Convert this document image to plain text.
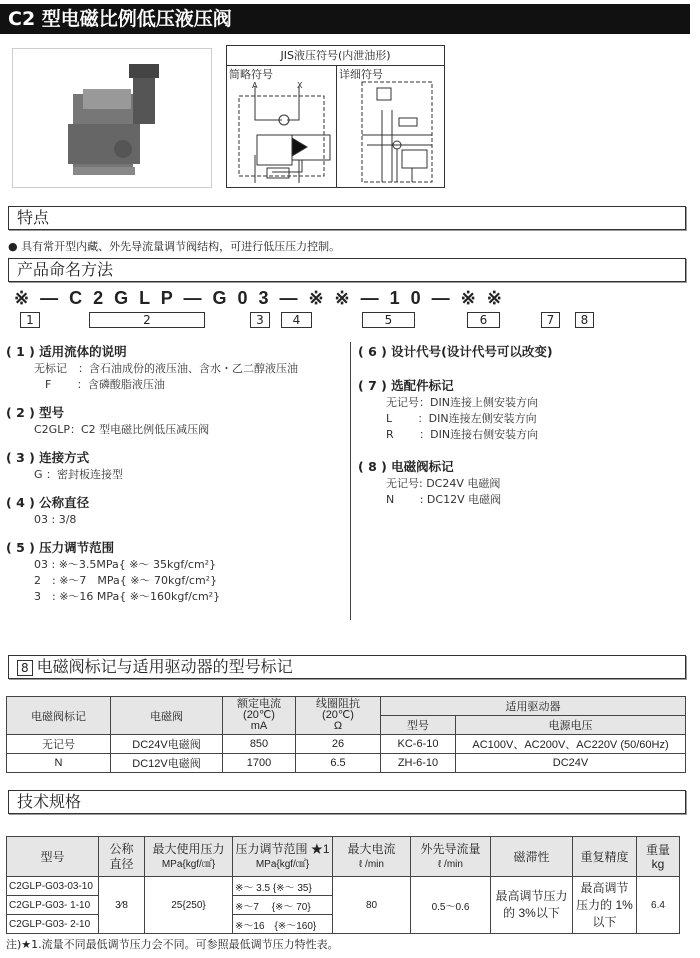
C2 型电磁比例低压液压阀
JIS液压符号(内泄油形)
简略符号
A	X
详细符号
特点
● 具有常开型内藏、外先导流量调节阀结构，可进行低压压力控制。
产品命名方法
※ — C 2 G L P — G 0 3 — ※ ※ — 1 0 — ※ ※
1	2	3	4	5	6	7	8
( 1 ) 适用流体的说明

无标记　：含石油成份的液压油、含水・乙二醇液压油

　F　　 ：含磷酸脂液压油

( 2 ) 型号

C2GLP：C2 型电磁比例低压减压阀

( 3 ) 连接方式

G ：密封板连接型

( 4 ) 公称直径

03 : 3/8

( 5 ) 压力调节范围

03 : ※～3.5MPa{ ※～ 35kgf/cm²}

2　: ※～7　MPa{ ※～ 70kgf/cm²}

3　: ※～16 MPa{ ※～160kgf/cm²}

( 6 ) 设计代号(设计代号可以改变)
( 7 ) 选配件标记

无记号：DIN连接上侧安装方向

L　　 ：DIN连接左侧安装方向

R　　 ：DIN连接右侧安装方向

( 8 ) 电磁阀标记

无记号: DC24V 电磁阀

N　　 : DC12V 电磁阀

8 电磁阀标记与适用驱动器的型号标记
电磁阀标记	电磁阀	额定电流
(20℃)
mA	线圈阻抗
(20℃)
Ω	适用驱动器	
				型号	电源电压
无记号	DC24V电磁阀	850	26	KC-6-10	AC100V、AC200V、AC220V (50/60Hz)
N	DC12V电磁阀	1700	6.5	ZH-6-10	DC24V
技术规格
型号	公称直径	最大使用压力
MPa{kgf/㎠}	压力调节范围 ★1
MPa{kgf/㎠}	最大电流
ℓ /min	外先导流量
ℓ /min	磁滞性	重复精度	重量
kg
C2GLP-G03-03-10	3⁄8	25{250}	※～ 3.5 {※～ 35}	80	0.5～0.6	最高调节压力的 3%以下	最高调节压力的 1%以下	6.4
C2GLP-G03- 1-10			※～7　 {※～ 70}					
C2GLP-G03- 2-10			※～16　{※～160}					
注)★1.流量不同最低调节压力会不同。可参照最低调节压力特性表。
